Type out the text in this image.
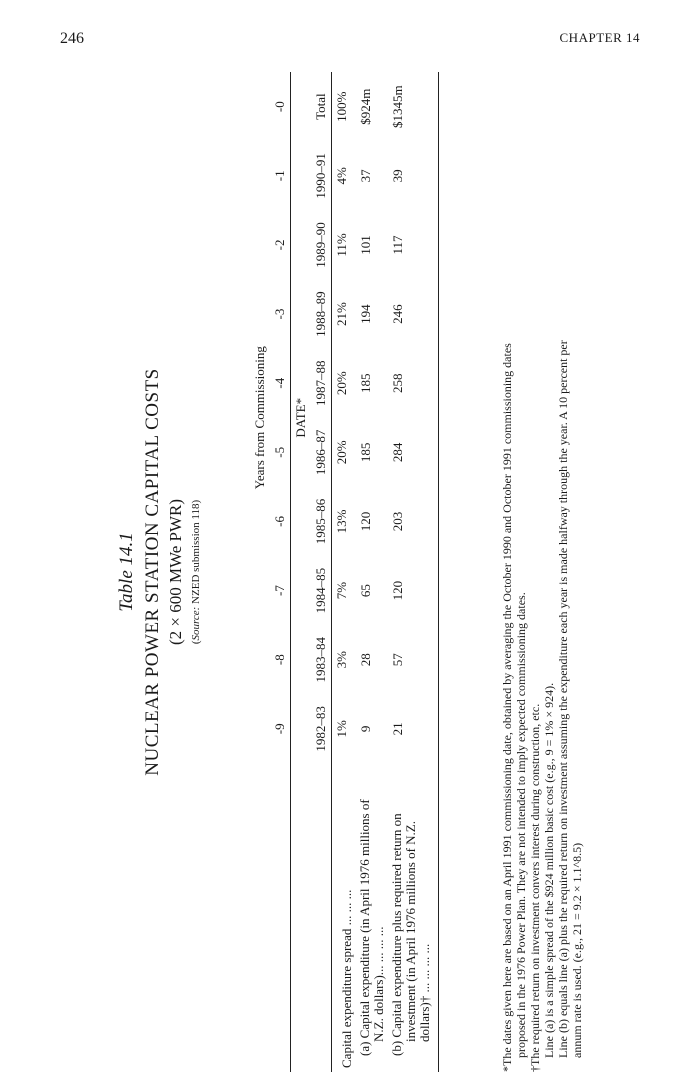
246	CHAPTER 14
Table 14.1 NUCLEAR POWER STATION CAPITAL COSTS (2 × 600 MWe PWR) (Source: NZED submission 118)
	Years from Commissioning									
	-9	-8	-7	-6	-5	-4	-3	-2	-1	-0
					DATE*					
	1982–83	1983–84	1984–85	1985–86	1986–87	1987–88	1988–89	1989–90	1990–91	Total

Capital expenditure spread ... ... ...	1%	3%	7%	13%	20%	20%	21%	11%	4%	100%

(a) Capital expenditure (in April 1976 millions of N.Z. dollars)... ... ... ...	9	28	65	120	185	185	194	101	37	$924m

(b) Capital expenditure plus required return on investment (in April 1976 millions of N.Z. dollars)† ... ... ... ...	21	57	120	203	284	258	246	117	39	$1345m

*The dates given here are based on an April 1991 commissioning date, obtained by averaging the October 1990 and October 1991 commissioning dates proposed in the 1976 Power Plan. They are not intended to imply expected commissioning dates. †The required return on investment convers interest during construction, etc. Line (a) is a simple spread of the $924 million basic cost (e.g., 9 = 1% × 924). Line (b) equals line (a) plus the required return on investment assuming the expenditure each year is made halfway through the year. A 10 percent per annum rate is used. (e.g., 21 = 9.2 × 1.1^8.5)
